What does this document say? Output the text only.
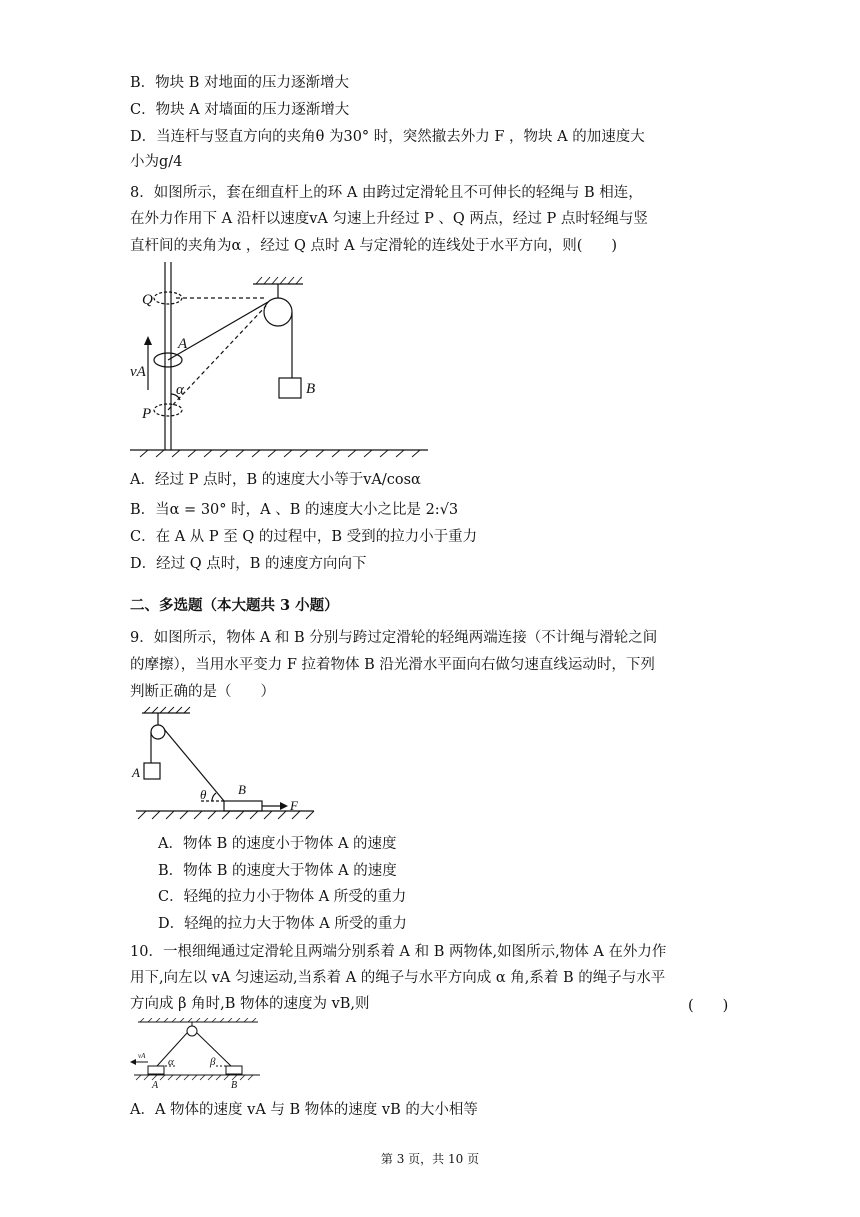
B．物块 B 对地面的压力逐渐增大
C．物块 A 对墙面的压力逐渐增大
D．当连杆与竖直方向的夹角θ 为30° 时，突然撤去外力 F ，物块 A 的加速度大
小为g/4
8．如图所示，套在细直杆上的环 A 由跨过定滑轮且不可伸长的轻绳与 B 相连，
在外力作用下 A 沿杆以速度vA 匀速上升经过 P 、Q 两点，经过 P 点时轻绳与竖
直杆间的夹角为α ，经过 Q 点时 A 与定滑轮的连线处于水平方向，则(　　)
Q
A
vA
α
P
B
A．经过 P 点时，B 的速度大小等于vA/cosα
B．当α = 30° 时，A 、B 的速度大小之比是 2:√3
C．在 A 从 P 至 Q 的过程中，B 受到的拉力小于重力
D．经过 Q 点时，B 的速度方向向下
二、多选题（本大题共 3 小题）
9．如图所示，物体 A 和 B 分别与跨过定滑轮的轻绳两端连接（不计绳与滑轮之间
的摩擦），当用水平变力 F 拉着物体 B 沿光滑水平面向右做匀速直线运动时，下列
判断正确的是（　　）
A
B
θ
F
A．物体 B 的速度小于物体 A 的速度
B．物体 B 的速度大于物体 A 的速度
C．轻绳的拉力小于物体 A 所受的重力
D．轻绳的拉力大于物体 A 所受的重力
10．一根细绳通过定滑轮且两端分别系着 A 和 B 两物体,如图所示,物体 A 在外力作
用下,向左以 vA 匀速运动,当系着 A 的绳子与水平方向成 α 角,系着 B 的绳子与水平
方向成 β 角时,B 物体的速度为 vB,则	(　　)
vA α	β
A	B
A．A 物体的速度 vA 与 B 物体的速度 vB 的大小相等
第 3 页，共 10 页
